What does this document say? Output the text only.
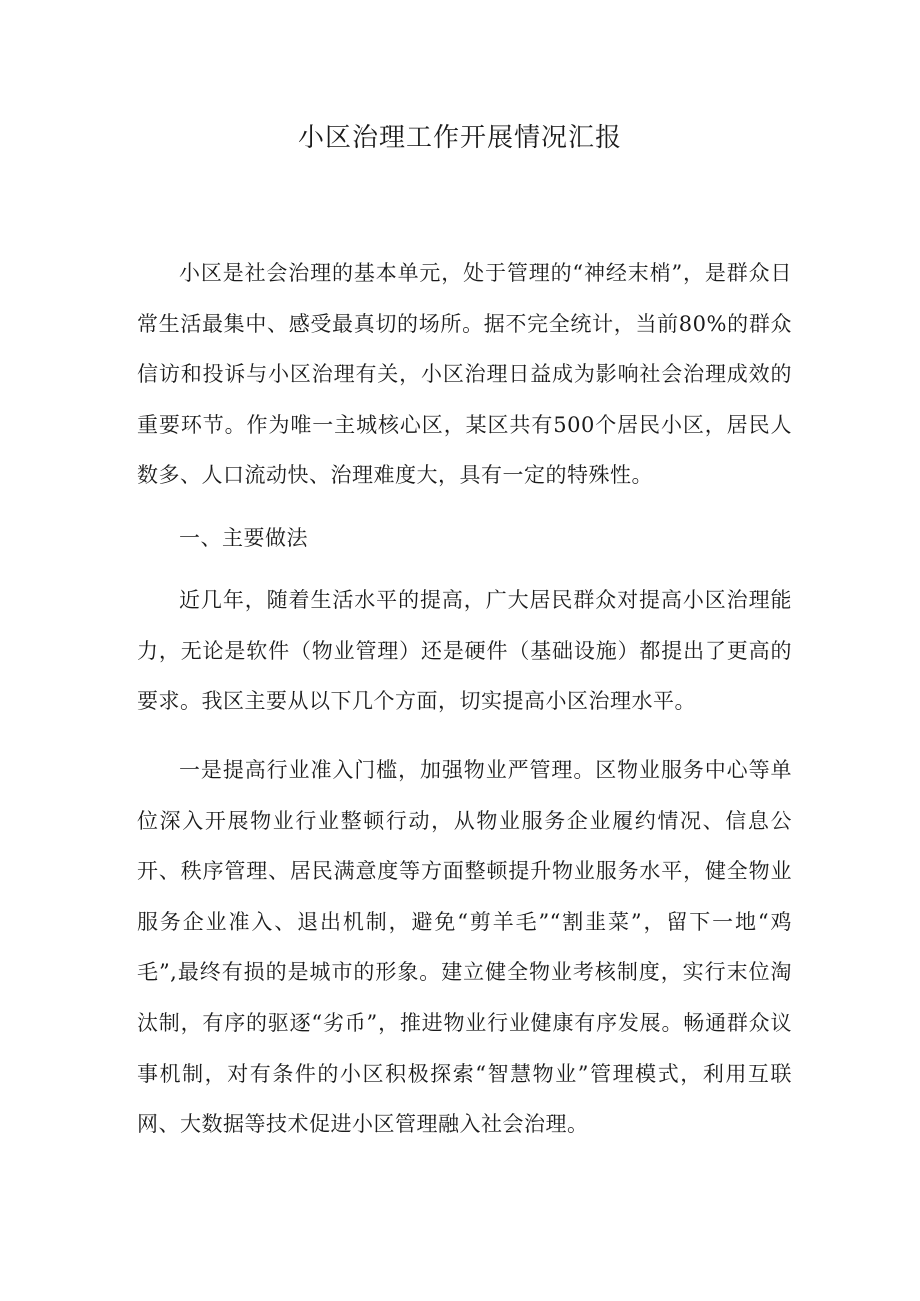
小区治理工作开展情况汇报

小区是社会治理的基本单元，处于管理的“神经末梢”，是群众日常生活最集中、感受最真切的场所。据不完全统计，当前80%的群众信访和投诉与小区治理有关，小区治理日益成为影响社会治理成效的重要环节。作为唯一主城核心区，某区共有500个居民小区，居民人数多、人口流动快、治理难度大，具有一定的特殊性。

一、主要做法

近几年，随着生活水平的提高，广大居民群众对提高小区治理能力，无论是软件（物业管理）还是硬件（基础设施）都提出了更高的要求。我区主要从以下几个方面，切实提高小区治理水平。

一是提高行业准入门槛，加强物业严管理。区物业服务中心等单位深入开展物业行业整顿行动，从物业服务企业履约情况、信息公开、秩序管理、居民满意度等方面整顿提升物业服务水平，健全物业服务企业准入、退出机制，避免“剪羊毛”“割韭菜”，留下一地“鸡毛”,最终有损的是城市的形象。建立健全物业考核制度，实行末位淘汰制，有序的驱逐“劣币”，推进物业行业健康有序发展。畅通群众议事机制，对有条件的小区积极探索“智慧物业”管理模式，利用互联网、大数据等技术促进小区管理融入社会治理。
